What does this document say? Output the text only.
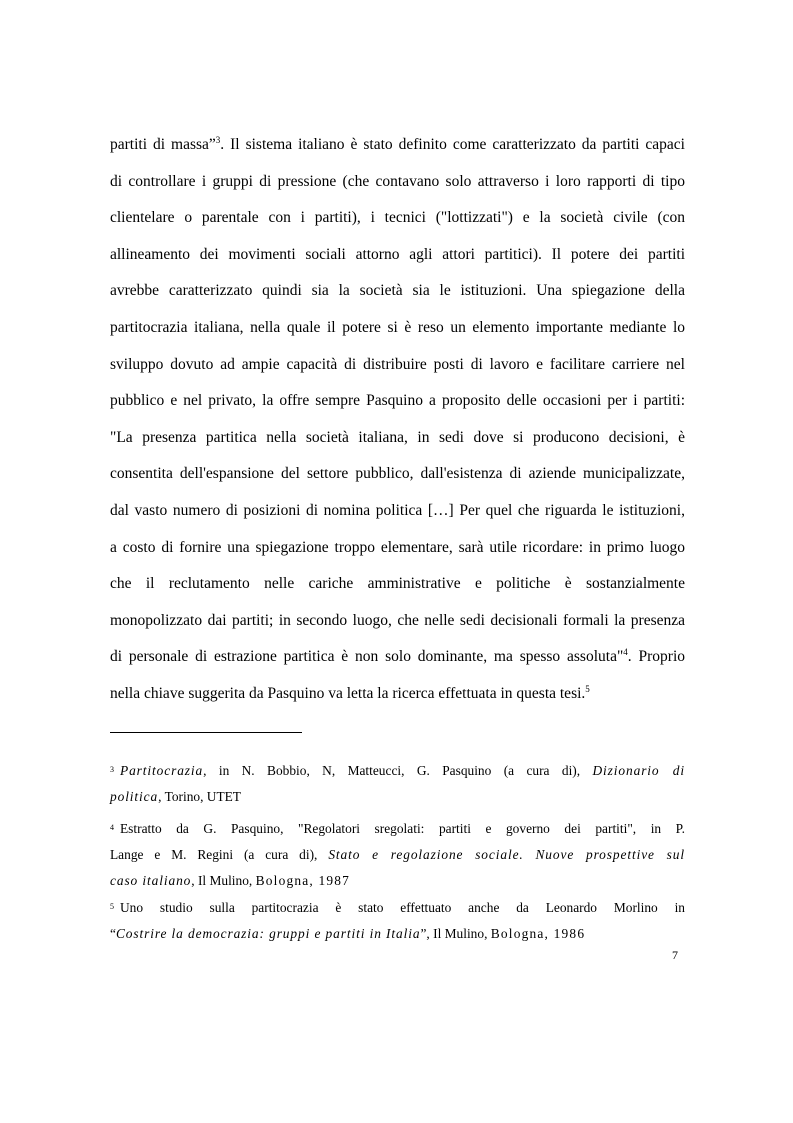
partiti di massa”$^3$. Il sistema italiano è stato definito come caratterizzato da partiti capaci
di controllare i gruppi di pressione (che contavano solo attraverso i loro rapporti di tipo
clientelare o parentale con i partiti), i tecnici ("lottizzati") e la società civile (con
allineamento dei movimenti sociali attorno agli attori partitici). Il potere dei partiti
avrebbe caratterizzato quindi sia la società sia le istituzioni. Una spiegazione della
partitocrazia italiana, nella quale il potere si è reso un elemento importante mediante lo
sviluppo dovuto ad ampie capacità di distribuire posti di lavoro e facilitare carriere nel
pubblico e nel privato, la offre sempre Pasquino a proposito delle occasioni per i partiti:
"La presenza partitica nella società italiana, in sedi dove si producono decisioni, è
consentita dell'espansione del settore pubblico, dall'esistenza di aziende municipalizzate,
dal vasto numero di posizioni di nomina politica […] Per quel che riguarda le istituzioni,
a costo di fornire una spiegazione troppo elementare, sarà utile ricordare: in primo luogo
che il reclutamento nelle cariche amministrative e politiche è sostanzialmente
monopolizzato dai partiti; in secondo luogo, che nelle sedi decisionali formali la presenza
di personale di estrazione partitica è non solo dominante, ma spesso assoluta"$^4$. Proprio
nella chiave suggerita da Pasquino va letta la ricerca effettuata in questa tesi.$^5$
$^3$ Partitocrazia, in N. Bobbio, N, Matteucci, G. Pasquino (a cura di), Dizionario di
politica, Torino, UTET
$^4$ Estratto da G. Pasquino, "Regolatori sregolati: partiti e governo dei partiti", in P.
Lange e M. Regini (a cura di), Stato e regolazione sociale. Nuove prospettive sul
caso italiano, Il Mulino, Bologna, 1987
$^5$ Uno studio sulla partitocrazia è stato effettuato anche da Leonardo Morlino in
“Costrire la democrazia: gruppi e partiti in Italia”, Il Mulino, Bologna, 1986
7
